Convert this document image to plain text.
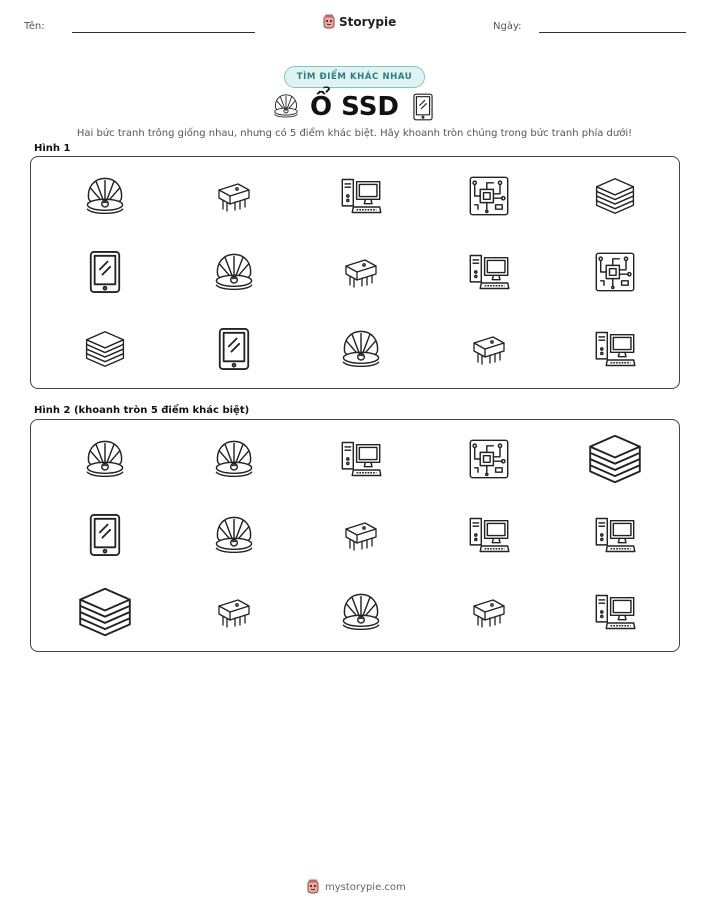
Tên:	Storypie	Ngày:
TÌM ĐIỂM KHÁC NHAU
Ổ SSD
Hai bức tranh trông giống nhau, nhưng có 5 điểm khác biệt. Hãy khoanh tròn chúng trong bức tranh phía dưới!
Hình 1
Hình 2 (khoanh tròn 5 điểm khác biệt)
mystorypie.com
